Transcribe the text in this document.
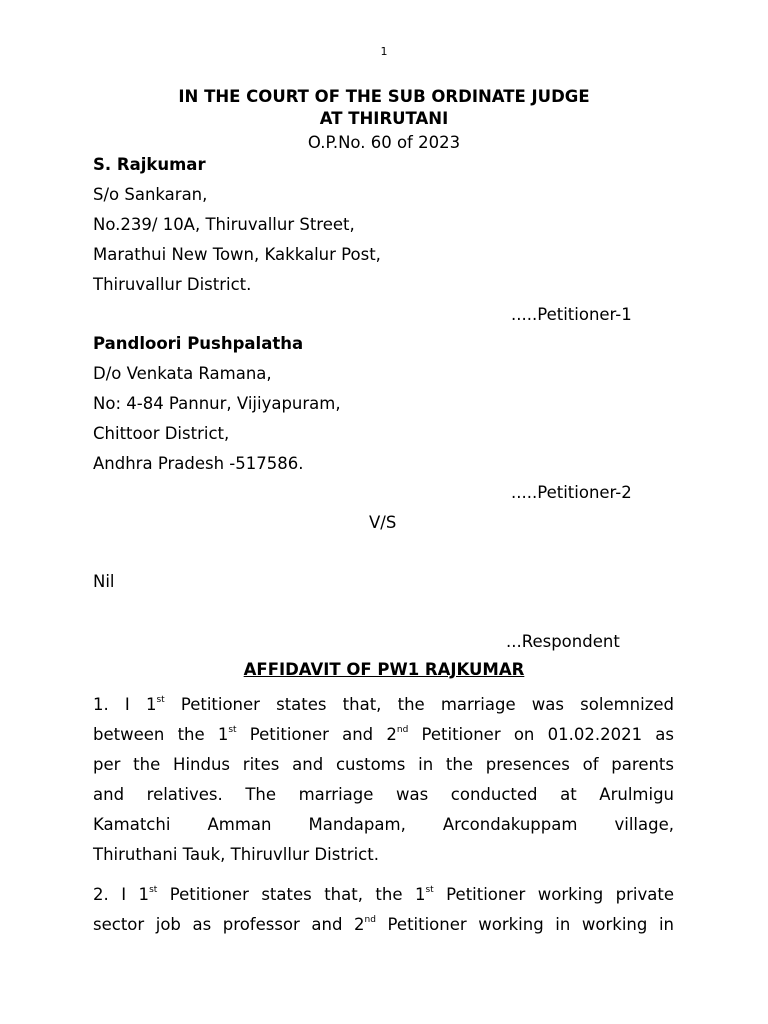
1
IN THE COURT OF THE SUB ORDINATE JUDGE
AT THIRUTANI
O.P.No. 60 of 2023
S. Rajkumar
S/o Sankaran,
No.239/ 10A, Thiruvallur Street,
Marathui New Town, Kakkalur Post,
Thiruvallur District.
.....Petitioner-1
Pandloori Pushpalatha
D/o Venkata Ramana,
No: 4-84 Pannur, Vijiyapuram,
Chittoor District,
Andhra Pradesh -517586.
.....Petitioner-2
V/S
Nil
...Respondent
AFFIDAVIT OF PW1 RAJKUMAR
1. I 1st Petitioner states that, the marriage was solemnized
between the 1st Petitioner and 2nd Petitioner on 01.02.2021 as
per the Hindus rites and customs in the presences of parents
and relatives. The marriage was conducted at Arulmigu
Kamatchi Amman Mandapam, Arcondakuppam village,
Thiruthani Tauk, Thiruvllur District.
2. I 1st Petitioner states that, the 1st Petitioner working private
sector job as professor and 2nd Petitioner working in working in
